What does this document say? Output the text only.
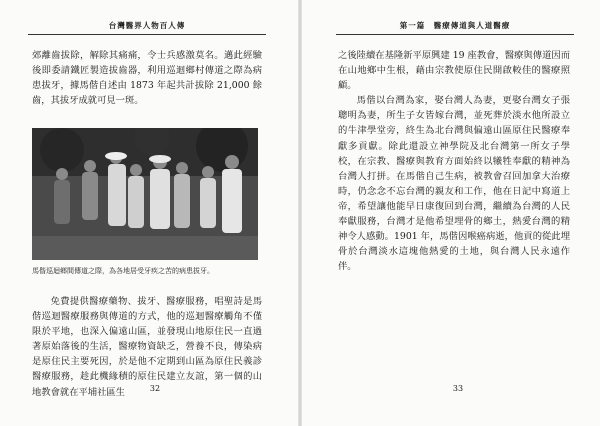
台灣醫界人物百人傳

郊離齒拔除，解除其痛痛，令士兵感激莫名。邁此經驗後即委請鐵匠製造拔齒器，利用巡迴鄉村傳道之際為病患拔牙，據馬偕自述由 1873 年起共計拔除 21,000 餘齒，其拔牙成就可見一斑。

馬偕巡迴鄉間傳道之際，為各地居受牙疾之苦的病患拔牙。

免費提供醫療藥物、拔牙、醫療服務，唱聖詩是馬偕巡迴醫療服務與傳道的方式，他的巡迴醫療觸角不僅限於平地，也深入偏遠山區，並發現山地原住民一直過著原始落後的生活，醫療物資缺乏，營養不良，傳染病是原住民主要死因，於是他不定期到山區為原住民義診醫療服務，趁此機緣積的原住民建立友誼，第一個的山地教會就在平埔社區生	32
第一篇　醫療傳道與人道醫療

之後陸續在基隆新平原興建 19 座教會，醫療與傳道因而在山地鄉中生根，藉由宗教使原住民開啟較佳的醫療照顧。

馬偕以台灣為家，娶台灣人為妻，更娶台灣女子張聰明為妻，所生子女皆嫁台灣，並死葬於淡水他所設立的牛津學堂旁，終生為北台灣與偏遠山區原住民醫療奉獻多貢獻。除此還設立神學院及北台灣第一所女子學校，在宗教、醫療與教育方面始終以犧牲奉獻的精神為台灣人打拼。在馬偕自己生病，被教會召回加拿大治療時，仍念念不忘台灣的親友和工作，他在日記中寫道上帝，希望讓他能早日康復回到台灣，繼續為台灣的人民奉獻服務，台灣才是他希望埋骨的鄉土，熱愛台灣的精神令人感動。1901 年，馬偕因喉癌病逝，他貢的從此埋骨於台灣淡水這塊他熱愛的土地，與台灣人民永遠作伴。

33
